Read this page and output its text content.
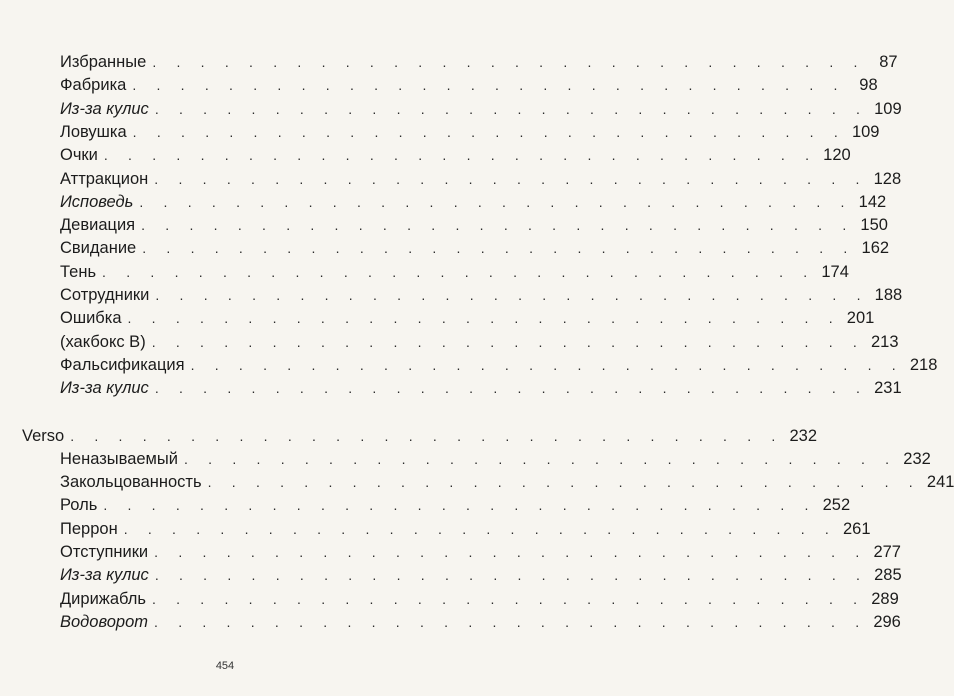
Избранные . . . . . . . . . . . . . . . . . . . . . . . . . . . . . . 87
Фабрика . . . . . . . . . . . . . . . . . . . . . . . . . . . . . . 98
Из-за кулис . . . . . . . . . . . . . . . . . . . . . . . . . . . . . . 109
Ловушка . . . . . . . . . . . . . . . . . . . . . . . . . . . . . . 109
Очки . . . . . . . . . . . . . . . . . . . . . . . . . . . . . . 120
Аттракцион . . . . . . . . . . . . . . . . . . . . . . . . . . . . . . 128
Исповедь . . . . . . . . . . . . . . . . . . . . . . . . . . . . . . 142
Девиация . . . . . . . . . . . . . . . . . . . . . . . . . . . . . . 150
Свидание . . . . . . . . . . . . . . . . . . . . . . . . . . . . . . 162
Тень . . . . . . . . . . . . . . . . . . . . . . . . . . . . . . 174
Сотрудники . . . . . . . . . . . . . . . . . . . . . . . . . . . . . . 188
Ошибка . . . . . . . . . . . . . . . . . . . . . . . . . . . . . . 201
(хакбокс В) . . . . . . . . . . . . . . . . . . . . . . . . . . . . . . 213
Фальсификация . . . . . . . . . . . . . . . . . . . . . . . . . . . . . . 218
Из-за кулис . . . . . . . . . . . . . . . . . . . . . . . . . . . . . . 231
Verso . . . . . . . . . . . . . . . . . . . . . . . . . . . . . . 232
Неназываемый . . . . . . . . . . . . . . . . . . . . . . . . . . . . . . 232
Закольцованность . . . . . . . . . . . . . . . . . . . . . . . . . . . . . . 241
Роль . . . . . . . . . . . . . . . . . . . . . . . . . . . . . . 252
Перрон . . . . . . . . . . . . . . . . . . . . . . . . . . . . . . 261
Отступники . . . . . . . . . . . . . . . . . . . . . . . . . . . . . . 277
Из-за кулис . . . . . . . . . . . . . . . . . . . . . . . . . . . . . . 285
Дирижабль . . . . . . . . . . . . . . . . . . . . . . . . . . . . . . 289
Водоворот . . . . . . . . . . . . . . . . . . . . . . . . . . . . . . 296
454
